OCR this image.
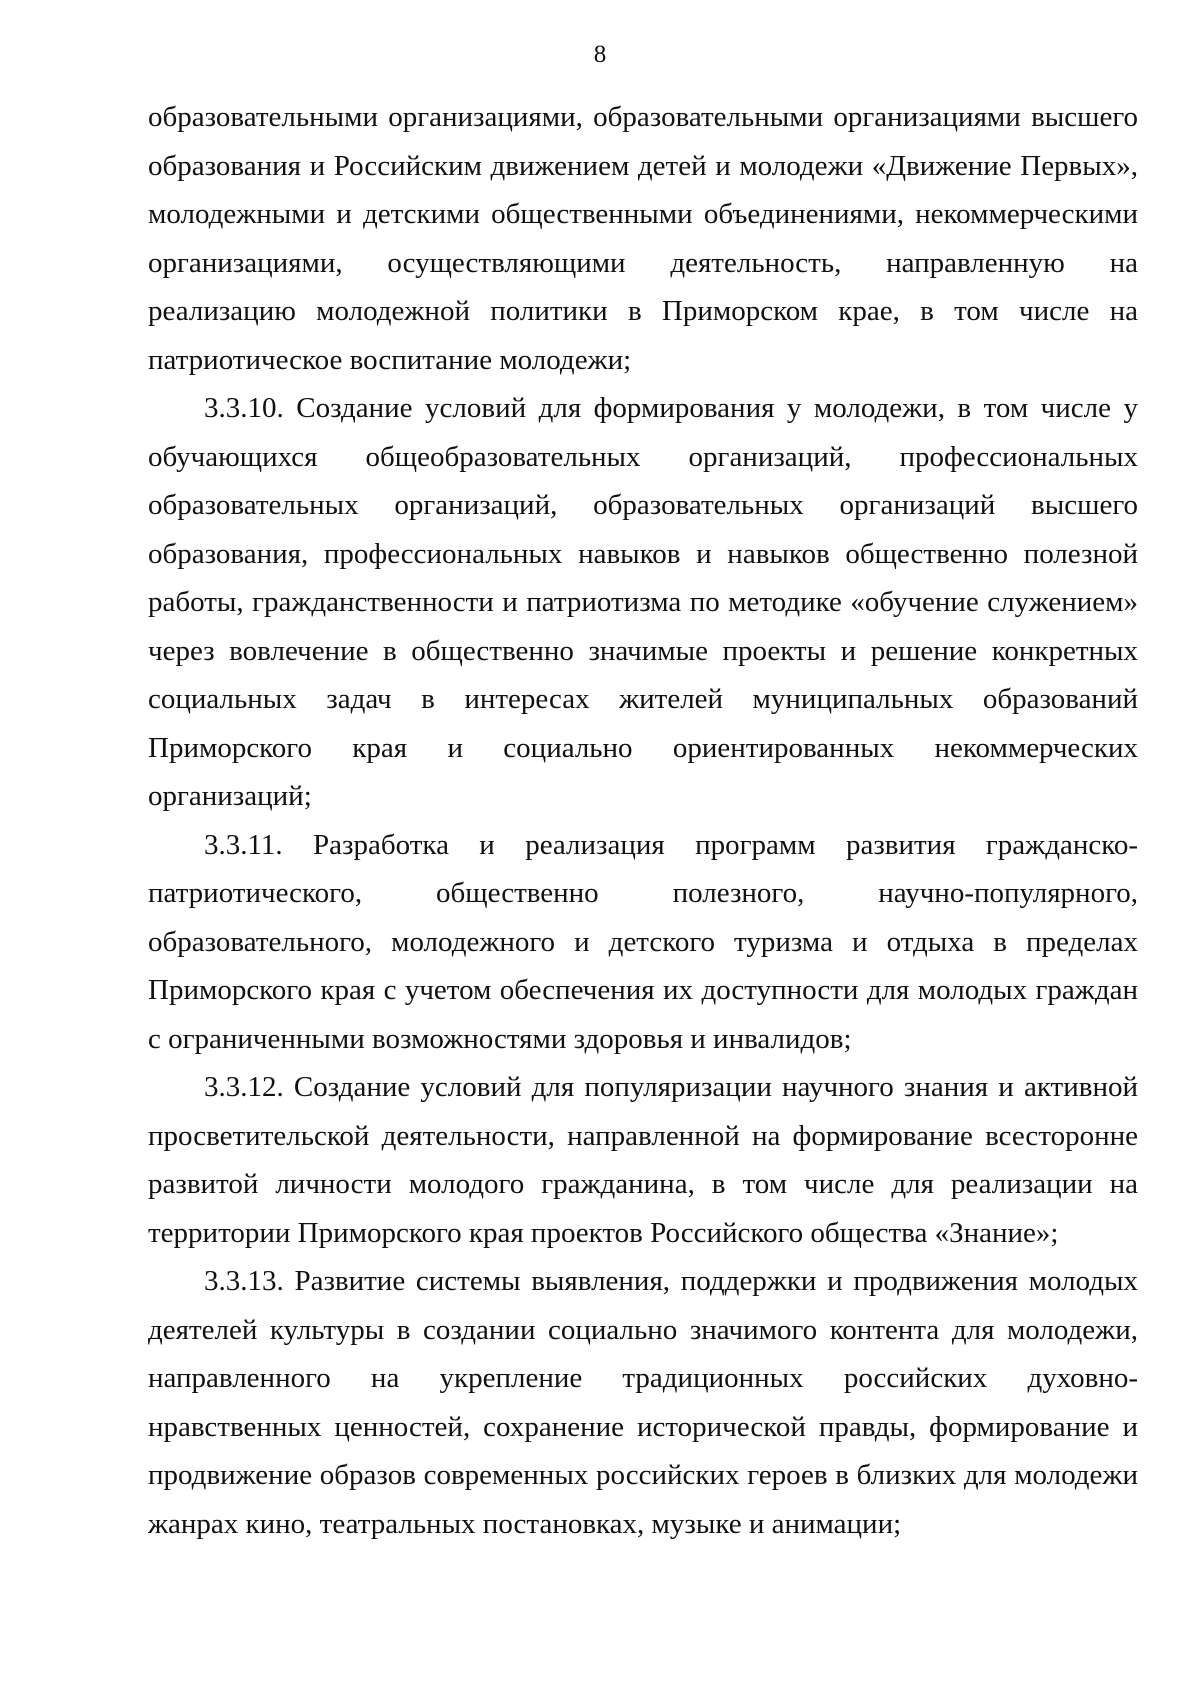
8

образовательными организациями, образовательными организациями высшего образования и Российским движением детей и молодежи «Движение Первых», молодежными и детскими общественными объединениями, некоммерческими организациями, осуществляющими деятельность, направленную на реализацию молодежной политики в Приморском крае, в том числе на патриотическое воспитание молодежи;

3.3.10. Создание условий для формирования у молодежи, в том числе у обучающихся общеобразовательных организаций, профессиональных образовательных организаций, образовательных организаций высшего образования, профессиональных навыков и навыков общественно полезной работы, гражданственности и патриотизма по методике «обучение служением» через вовлечение в общественно значимые проекты и решение конкретных социальных задач в интересах жителей муниципальных образований Приморского края и социально ориентированных некоммерческих организаций;

3.3.11. Разработка и реализация программ развития гражданско-патриотического, общественно полезного, научно-популярного, образовательного, молодежного и детского туризма и отдыха в пределах Приморского края с учетом обеспечения их доступности для молодых граждан с ограниченными возможностями здоровья и инвалидов;

3.3.12. Создание условий для популяризации научного знания и активной просветительской деятельности, направленной на формирование всесторонне развитой личности молодого гражданина, в том числе для реализации на территории Приморского края проектов Российского общества «Знание»;

3.3.13. Развитие системы выявления, поддержки и продвижения молодых деятелей культуры в создании социально значимого контента для молодежи, направленного на укрепление традиционных российских духовно-нравственных ценностей, сохранение исторической правды, формирование и продвижение образов современных российских героев в близких для молодежи жанрах кино, театральных постановках, музыке и анимации;
